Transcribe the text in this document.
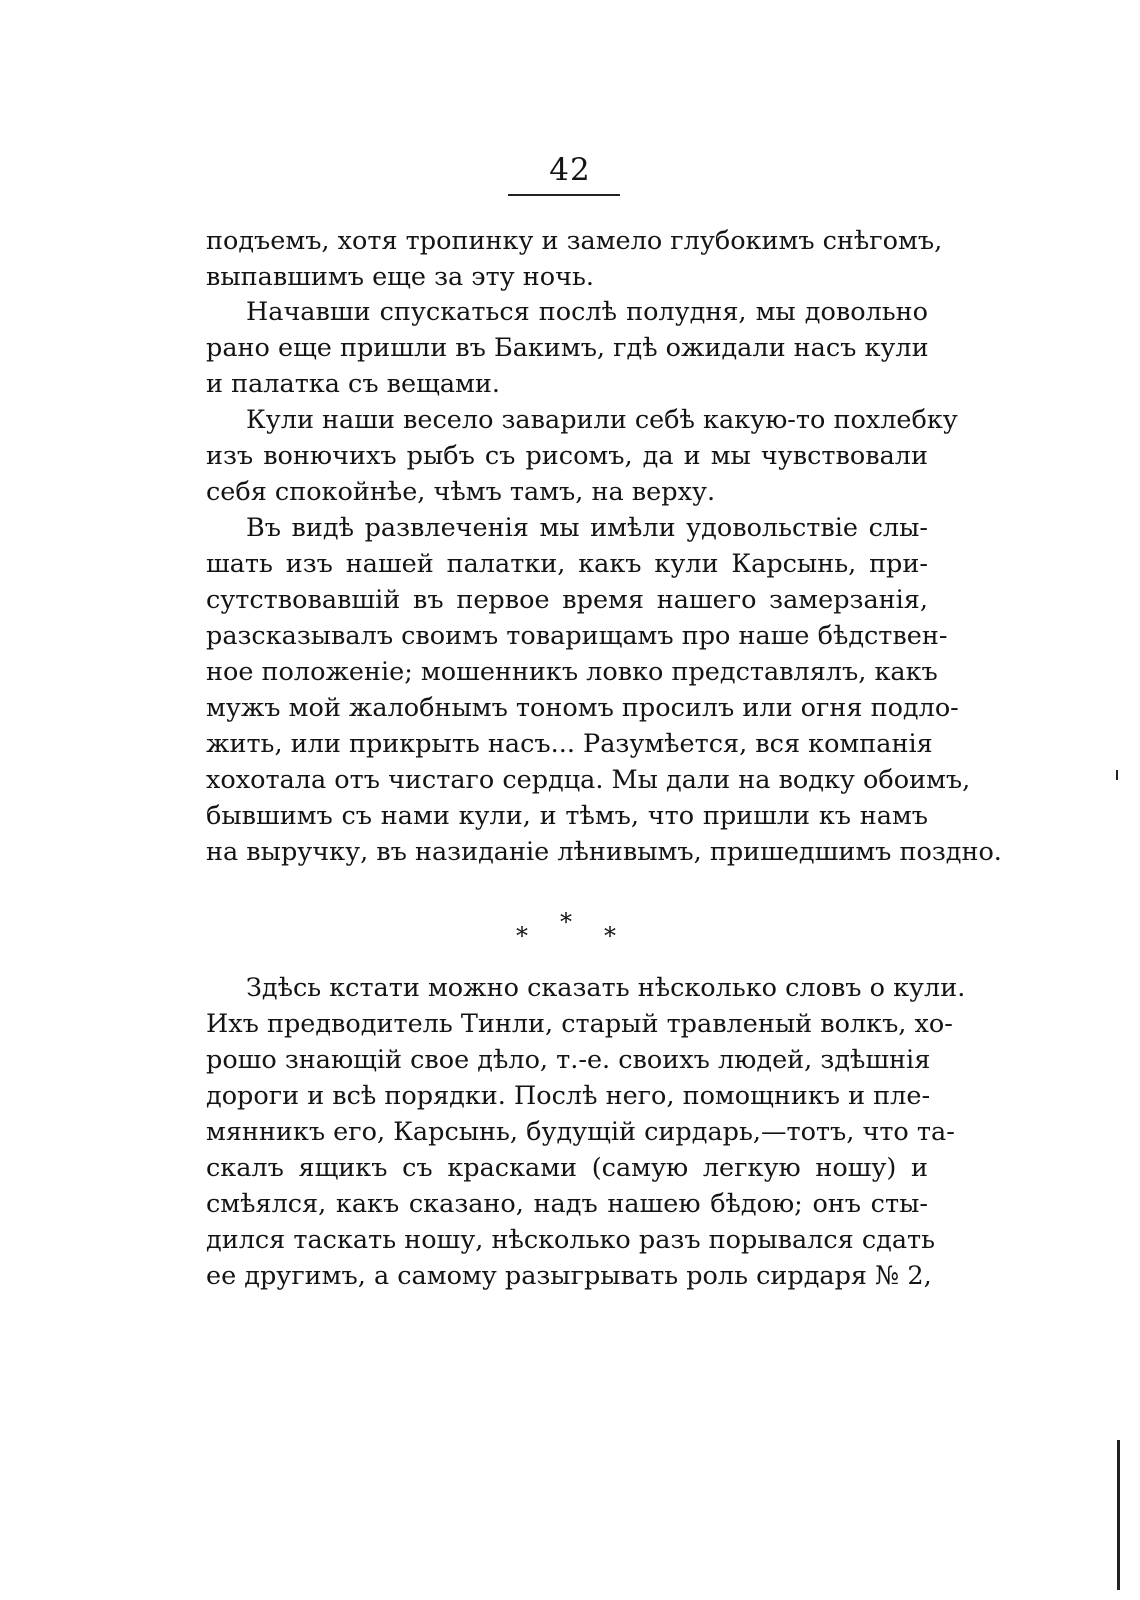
42
подъемъ, хотя тропинку и замело глубокимъ снѣгомъ,
выпавшимъ еще за эту ночь.
Начавши спускаться послѣ полудня, мы довольно
рано еще пришли въ Бакимъ, гдѣ ожидали насъ кули
и палатка съ вещами.
Кули наши весело заварили себѣ какую-то похлебку
изъ вонючихъ рыбъ съ рисомъ, да и мы чувствовали
себя спокойнѣе, чѣмъ тамъ, на верху.
Въ видѣ развлеченія мы имѣли удовольствіе слы-
шать изъ нашей палатки, какъ кули Карсынь, при-
сутствовавшій въ первое время нашего замерзанія,
разсказывалъ своимъ товарищамъ про наше бѣдствен-
ное положеніе; мошенникъ ловко представлялъ, какъ
мужъ мой жалобнымъ тономъ просилъ или огня подло-
жить, или прикрыть насъ... Разумѣется, вся компанія
хохотала отъ чистаго сердца. Мы дали на водку обоимъ,
бывшимъ съ нами кули, и тѣмъ, что пришли къ намъ
на выручку, въ назиданіе лѣнивымъ, пришедшимъ поздно.
* * *
Здѣсь кстати можно сказать нѣсколько словъ о кули.
Ихъ предводитель Тинли, старый травленый волкъ, хо-
рошо знающій свое дѣло, т.-е. своихъ людей, здѣшнія
дороги и всѣ порядки. Послѣ него, помощникъ и пле-
мянникъ его, Карсынь, будущій сирдарь,—тотъ, что та-
скалъ ящикъ съ красками (самую легкую ношу) и
смѣялся, какъ сказано, надъ нашею бѣдою; онъ сты-
дился таскать ношу, нѣсколько разъ порывался сдать
ее другимъ, а самому разыгрывать роль сирдаря № 2,
